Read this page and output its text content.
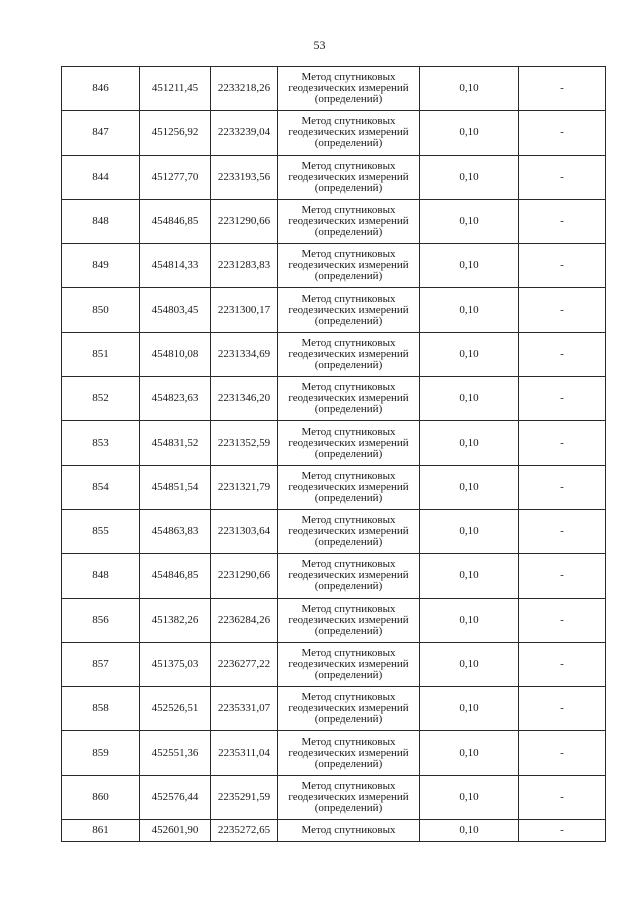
53
846	451211,45	2233218,26	Метод спутниковых геодезических измерений (определений)	0,10	-
847	451256,92	2233239,04	Метод спутниковых геодезических измерений (определений)	0,10	-
844	451277,70	2233193,56	Метод спутниковых геодезических измерений (определений)	0,10	-
848	454846,85	2231290,66	Метод спутниковых геодезических измерений (определений)	0,10	-
849	454814,33	2231283,83	Метод спутниковых геодезических измерений (определений)	0,10	-
850	454803,45	2231300,17	Метод спутниковых геодезических измерений (определений)	0,10	-
851	454810,08	2231334,69	Метод спутниковых геодезических измерений (определений)	0,10	-
852	454823,63	2231346,20	Метод спутниковых геодезических измерений (определений)	0,10	-
853	454831,52	2231352,59	Метод спутниковых геодезических измерений (определений)	0,10	-
854	454851,54	2231321,79	Метод спутниковых геодезических измерений (определений)	0,10	-
855	454863,83	2231303,64	Метод спутниковых геодезических измерений (определений)	0,10	-
848	454846,85	2231290,66	Метод спутниковых геодезических измерений (определений)	0,10	-
856	451382,26	2236284,26	Метод спутниковых геодезических измерений (определений)	0,10	-
857	451375,03	2236277,22	Метод спутниковых геодезических измерений (определений)	0,10	-
858	452526,51	2235331,07	Метод спутниковых геодезических измерений (определений)	0,10	-
859	452551,36	2235311,04	Метод спутниковых геодезических измерений (определений)	0,10	-
860	452576,44	2235291,59	Метод спутниковых геодезических измерений (определений)	0,10	-
861	452601,90	2235272,65	Метод спутниковых	0,10	-
